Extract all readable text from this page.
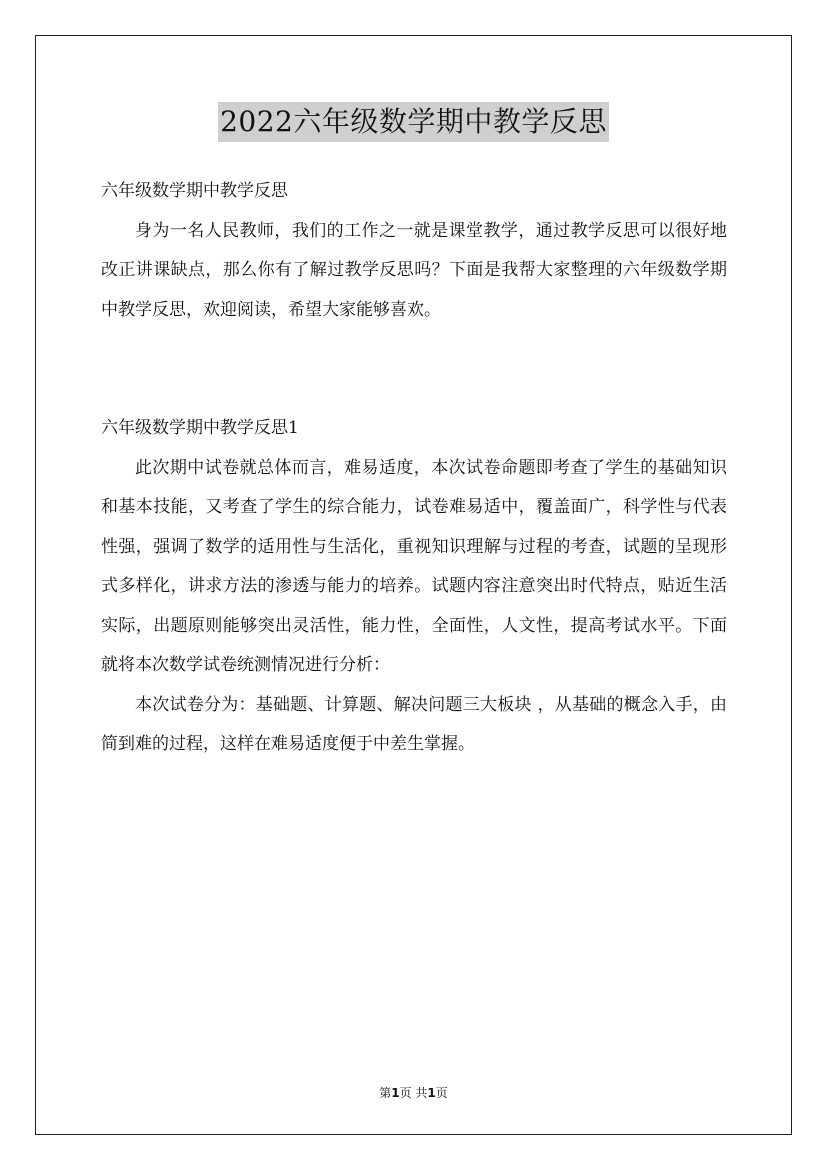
2022六年级数学期中教学反思

六年级数学期中教学反思

身为一名人民教师，我们的工作之一就是课堂教学，通过教学反思可以很好地改正讲课缺点，那么你有了解过教学反思吗？下面是我帮大家整理的六年级数学期中教学反思，欢迎阅读，希望大家能够喜欢。

六年级数学期中教学反思1

此次期中试卷就总体而言，难易适度，本次试卷命题即考查了学生的基础知识和基本技能，又考查了学生的综合能力，试卷难易适中，覆盖面广，科学性与代表性强，强调了数学的适用性与生活化，重视知识理解与过程的考查，试题的呈现形式多样化，讲求方法的渗透与能力的培养。试题内容注意突出时代特点，贴近生活实际，出题原则能够突出灵活性，能力性，全面性，人文性，提高考试水平。下面就将本次数学试卷统测情况进行分析：

本次试卷分为：基础题、计算题、解决问题三大板块 ，从基础的概念入手，由简到难的过程，这样在难易适度便于中差生掌握。

第1页 共1页
